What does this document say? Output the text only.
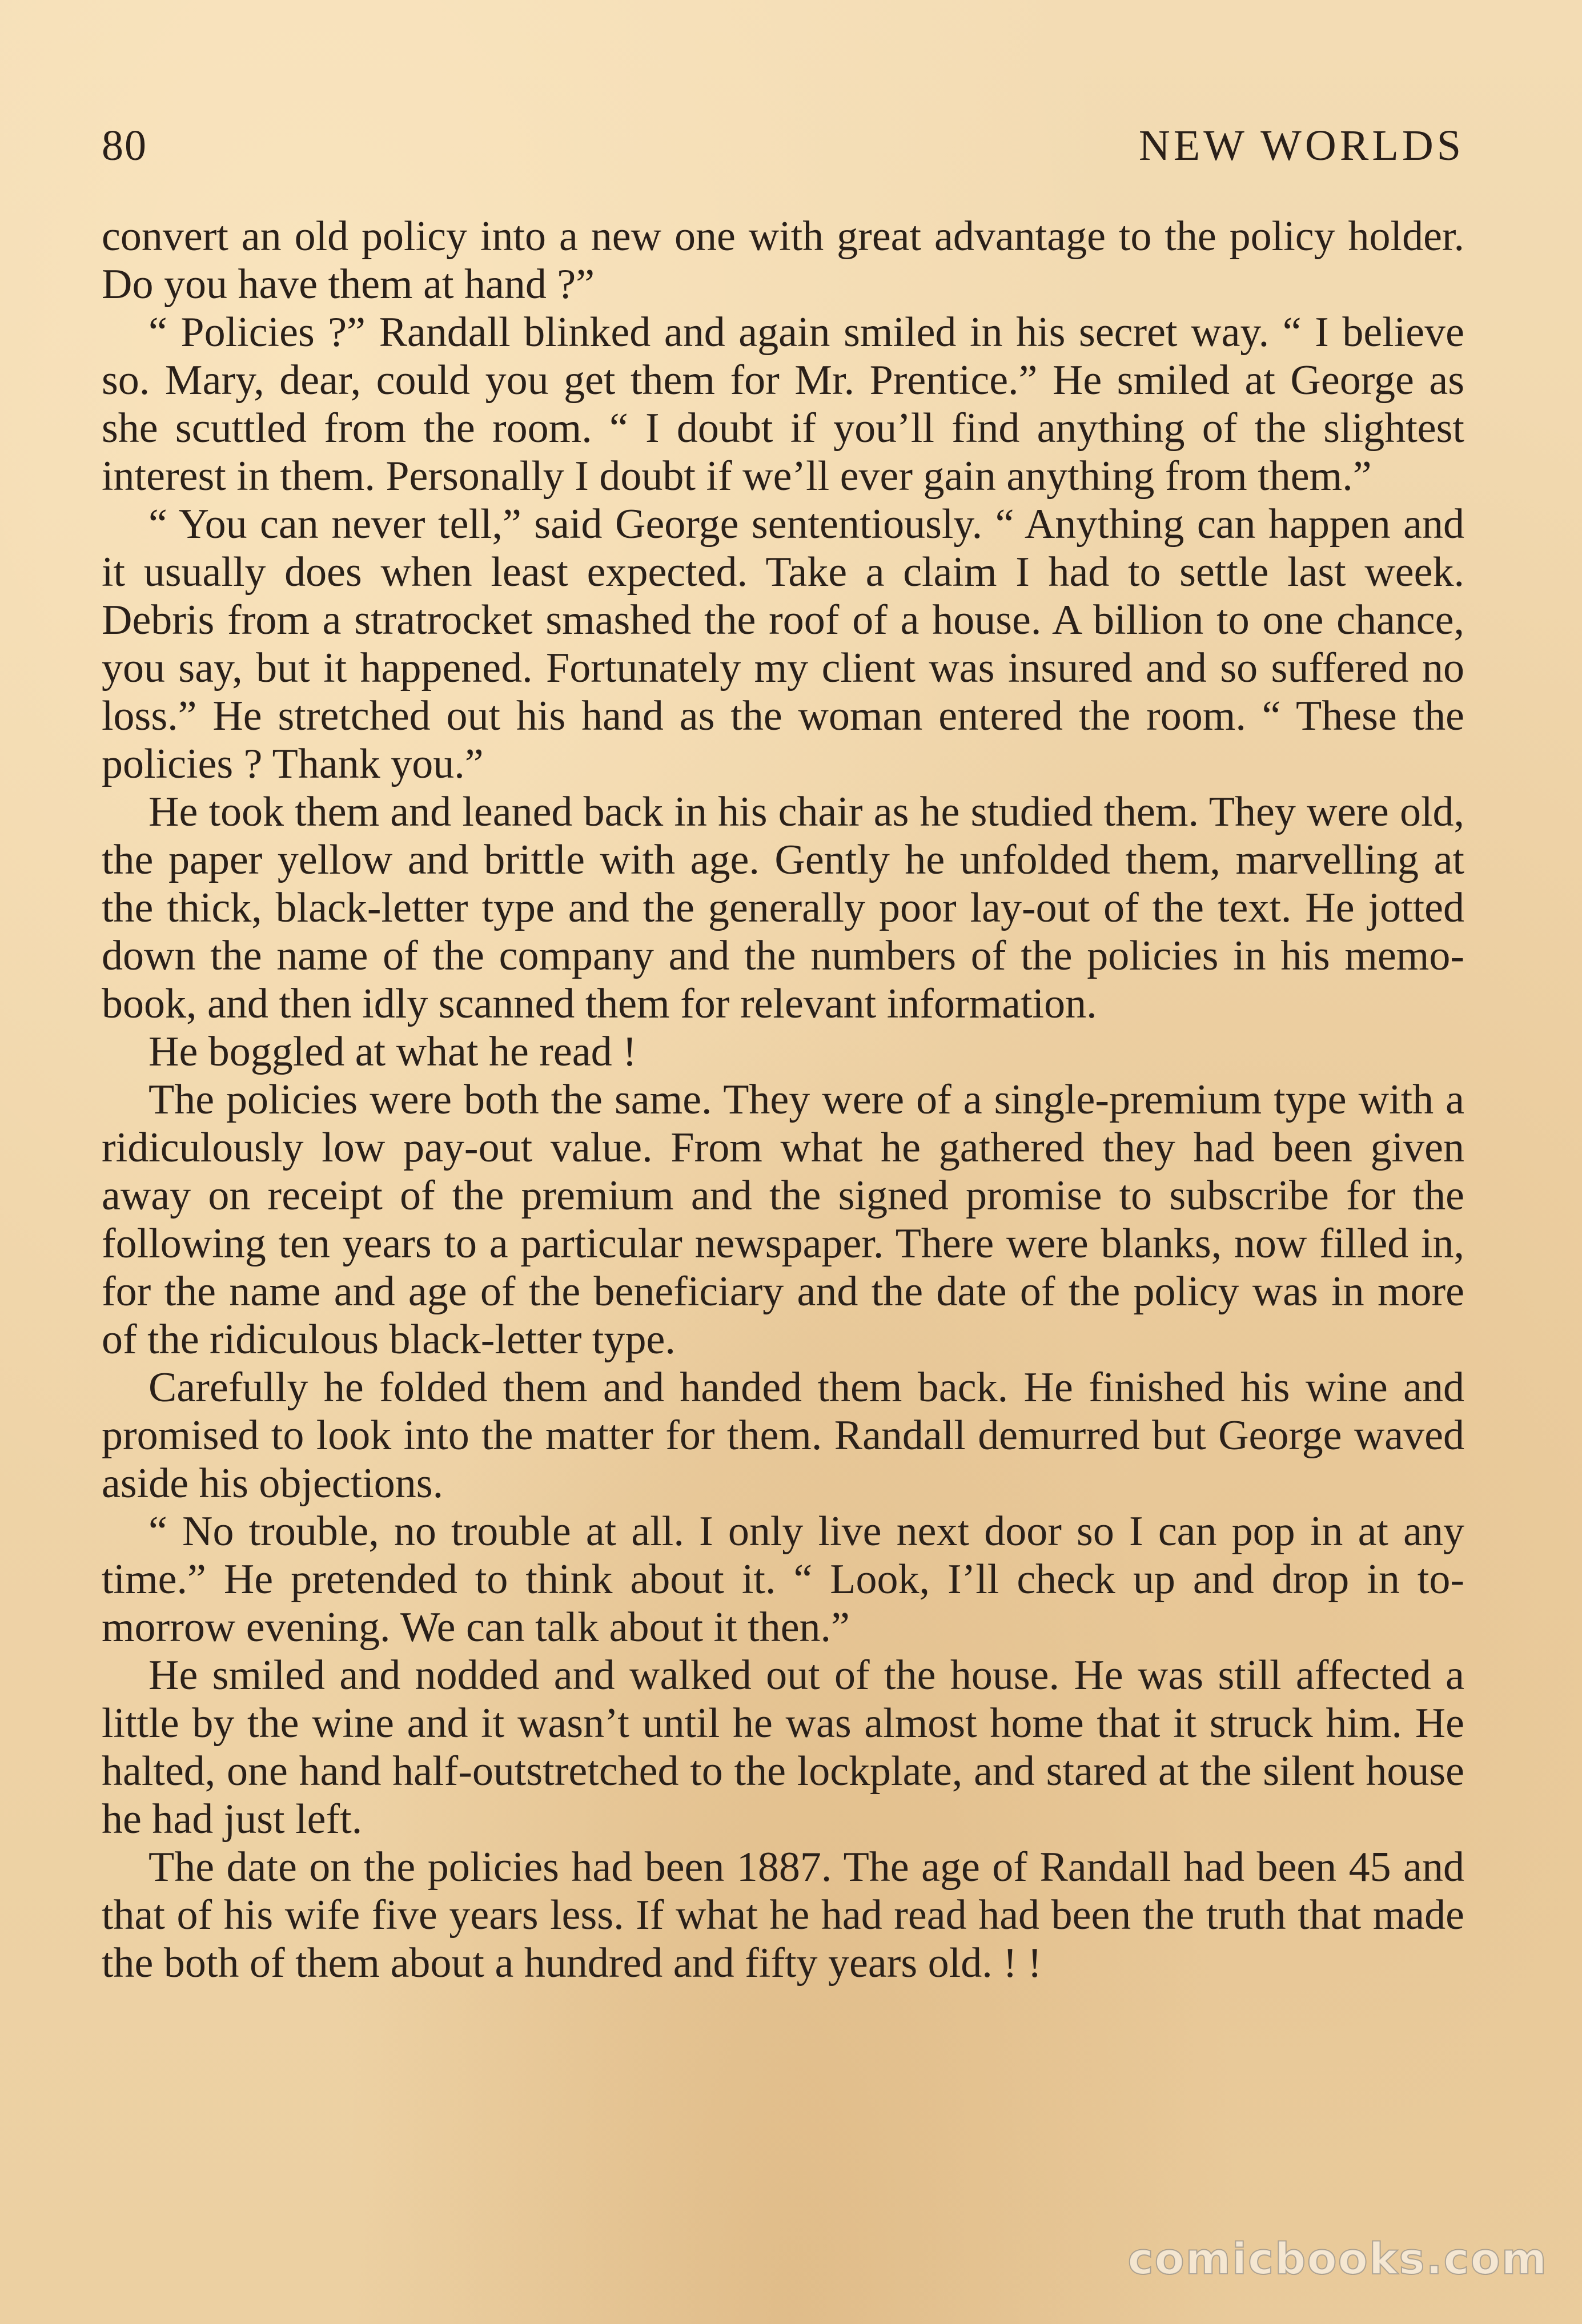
80	NEW WORLDS

convert an old policy into a new one with great advantage to the policy holder. Do you have them at hand ?”

“ Policies ?” Randall blinked and again smiled in his secret way. “ I believe so. Mary, dear, could you get them for Mr. Prentice.” He smiled at George as she scuttled from the room. “ I doubt if you’ll find anything of the slightest interest in them. Personally I doubt if we’ll ever gain anything from them.”

“ You can never tell,” said George sententiously. “ Anything can happen and it usually does when least expected. Take a claim I had to settle last week. Debris from a stratrocket smashed the roof of a house. A billion to one chance, you say, but it happened. Fortunately my client was insured and so suffered no loss.” He stretched out his hand as the woman entered the room. “ These the policies ? Thank you.”

He took them and leaned back in his chair as he studied them. They were old, the paper yellow and brittle with age. Gently he unfolded them, marvelling at the thick, black-letter type and the generally poor lay-out of the text. He jotted down the name of the company and the numbers of the policies in his memo-book, and then idly scanned them for relevant information.

He boggled at what he read !

The policies were both the same. They were of a single-premium type with a ridiculously low pay-out value. From what he gathered they had been given away on receipt of the premium and the signed promise to subscribe for the following ten years to a particular newspaper. There were blanks, now filled in, for the name and age of the beneficiary and the date of the policy was in more of the ridiculous black-letter type.

Carefully he folded them and handed them back. He finished his wine and promised to look into the matter for them. Randall demurred but George waved aside his objections.

“ No trouble, no trouble at all. I only live next door so I can pop in at any time.” He pretended to think about it. “ Look, I’ll check up and drop in to-morrow evening. We can talk about it then.”

He smiled and nodded and walked out of the house. He was still affected a little by the wine and it wasn’t until he was almost home that it struck him. He halted, one hand half-outstretched to the lockplate, and stared at the silent house he had just left.

The date on the policies had been 1887. The age of Randall had been 45 and that of his wife five years less. If what he had read had been the truth that made the both of them about a hundred and fifty years old. ! !

comicbooks.com
